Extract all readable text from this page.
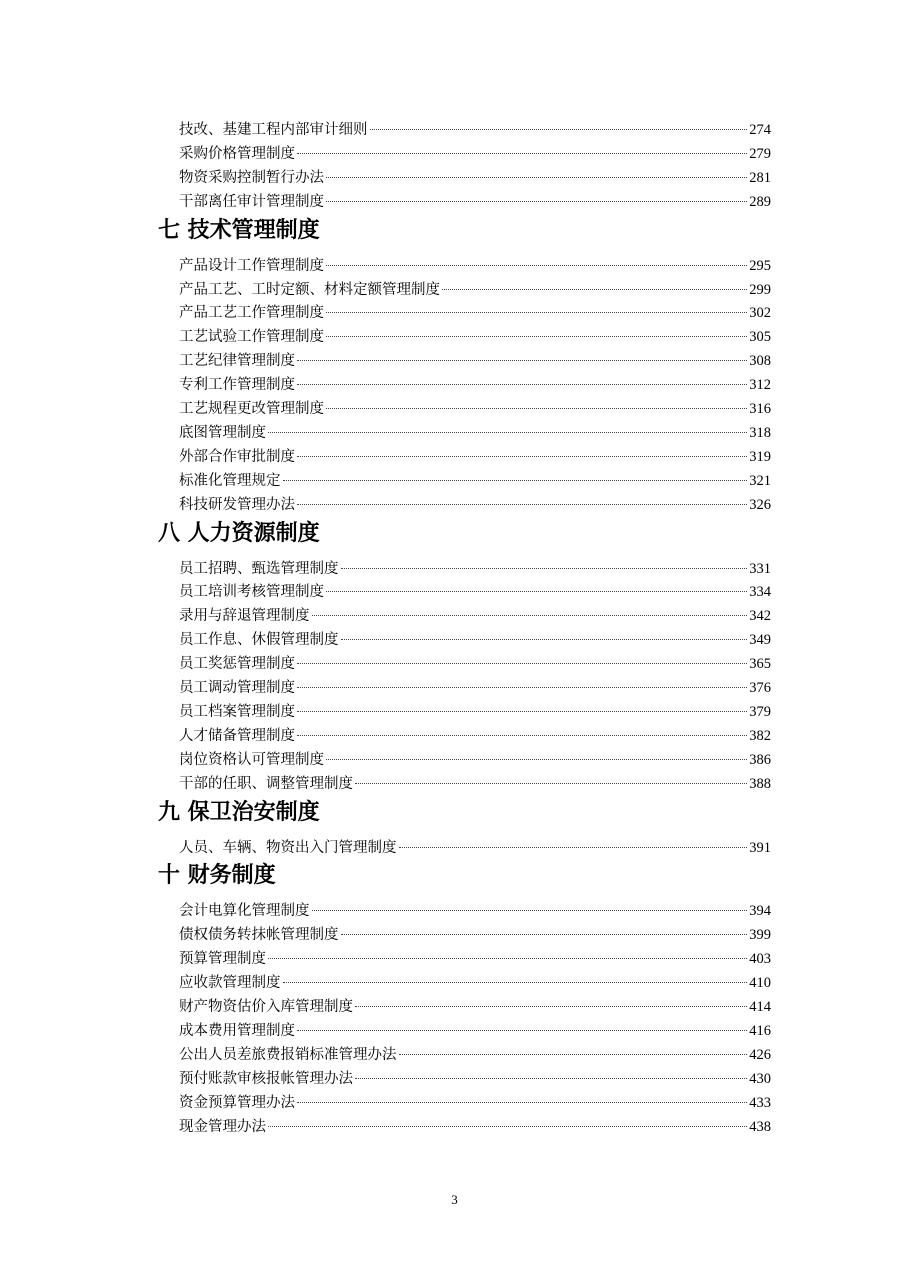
技改、基建工程内部审计细则	274
采购价格管理制度	279
物资采购控制暂行办法	281
干部离任审计管理制度	289
七 技术管理制度
产品设计工作管理制度	295
产品工艺、工时定额、材料定额管理制度	299
产品工艺工作管理制度	302
工艺试验工作管理制度	305
工艺纪律管理制度	308
专利工作管理制度	312
工艺规程更改管理制度	316
底图管理制度	318
外部合作审批制度	319
标准化管理规定	321
科技研发管理办法	326
八 人力资源制度
员工招聘、甄选管理制度	331
员工培训考核管理制度	334
录用与辞退管理制度	342
员工作息、休假管理制度	349
员工奖惩管理制度	365
员工调动管理制度	376
员工档案管理制度	379
人才储备管理制度	382
岗位资格认可管理制度	386
干部的任职、调整管理制度	388
九 保卫治安制度
人员、车辆、物资出入门管理制度	391
十 财务制度
会计电算化管理制度	394
债权债务转抹帐管理制度	399
预算管理制度	403
应收款管理制度	410
财产物资估价入库管理制度	414
成本费用管理制度	416
公出人员差旅费报销标准管理办法	426
预付账款审核报帐管理办法	430
资金预算管理办法	433
现金管理办法	438
3
